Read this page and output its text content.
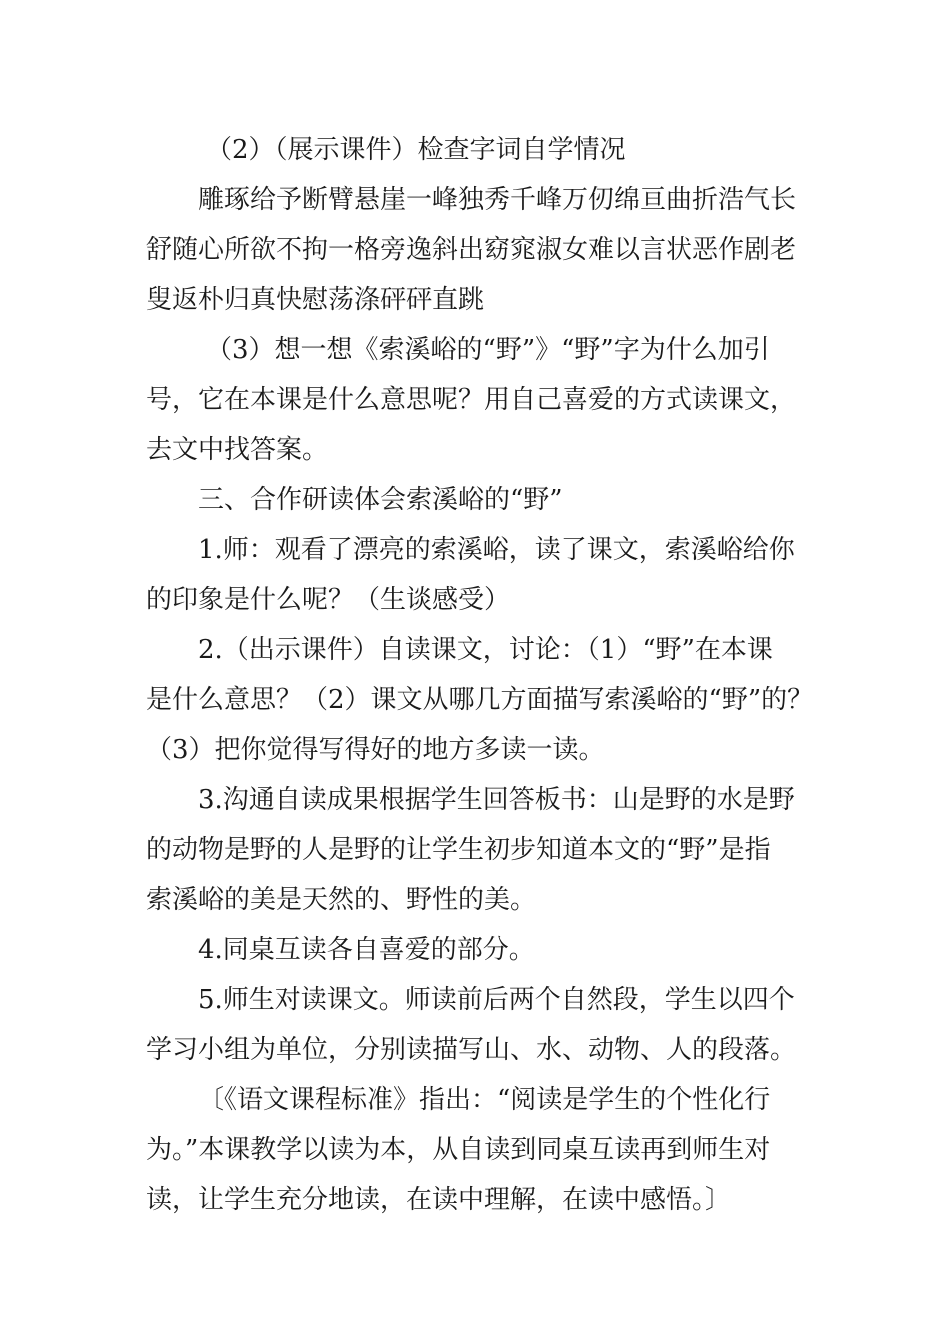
（2）（展示课件）检查字词自学情况
雕琢给予断臂悬崖一峰独秀千峰万仞绵亘曲折浩气长
舒随心所欲不拘一格旁逸斜出窈窕淑女难以言状恶作剧老
叟返朴归真快慰荡涤砰砰直跳
（3）想一想《索溪峪的“野”》“野”字为什么加引
号，它在本课是什么意思呢？用自己喜爱的方式读课文，
去文中找答案。
三、合作研读体会索溪峪的“野”
1.师：观看了漂亮的索溪峪，读了课文，索溪峪给你
的印象是什么呢？（生谈感受）
2.（出示课件）自读课文，讨论：（1）“野”在本课
是什么意思？（2）课文从哪几方面描写索溪峪的“野”的？
（3）把你觉得写得好的地方多读一读。
3.沟通自读成果根据学生回答板书：山是野的水是野
的动物是野的人是野的让学生初步知道本文的“野”是指
索溪峪的美是天然的、野性的美。
4.同桌互读各自喜爱的部分。
5.师生对读课文。师读前后两个自然段，学生以四个
学习小组为单位，分别读描写山、水、动物、人的段落。
〔《语文课程标准》指出：“阅读是学生的个性化行
为。”本课教学以读为本，从自读到同桌互读再到师生对
读，让学生充分地读，在读中理解，在读中感悟。〕
